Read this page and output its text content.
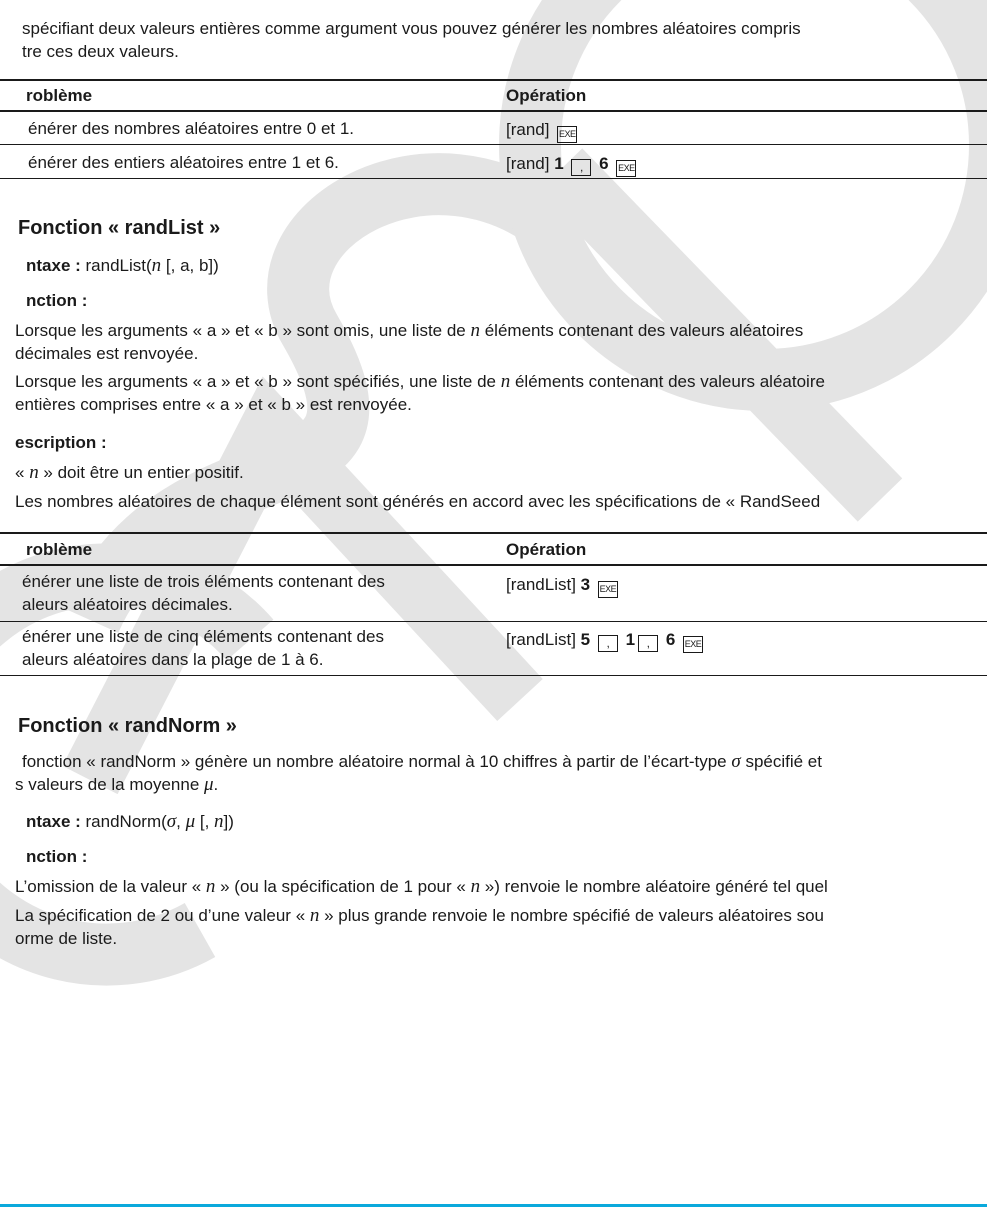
spécifiant deux valeurs entières comme argument vous pouvez générer les nombres aléatoires compris
tre ces deux valeurs.
roblème	Opération
énérer des nombres aléatoires entre 0 et 1.	[rand] EXE
énérer des entiers aléatoires entre 1 et 6.	[rand] 1 , 6 EXE
Fonction « randList »
ntaxe : randList(n [, a, b])
nction :
Lorsque les arguments « a » et « b » sont omis, une liste de n éléments contenant des valeurs aléatoires
décimales est renvoyée.
Lorsque les arguments « a » et « b » sont spécifiés, une liste de n éléments contenant des valeurs aléatoire
entières comprises entre « a » et « b » est renvoyée.
escription :
« n » doit être un entier positif.
Les nombres aléatoires de chaque élément sont générés en accord avec les spécifications de « RandSeed
roblème	Opération
énérer une liste de trois éléments contenant des
aleurs aléatoires décimales.
[randList] 3 EXE
énérer une liste de cinq éléments contenant des
aleurs aléatoires dans la plage de 1 à 6.
[randList] 5 , 1 , 6 EXE
Fonction « randNorm »
fonction « randNorm » génère un nombre aléatoire normal à 10 chiffres à partir de l’écart-type σ spécifié et
s valeurs de la moyenne μ.
ntaxe : randNorm(σ, μ [, n])
nction :
L’omission de la valeur « n » (ou la spécification de 1 pour « n ») renvoie le nombre aléatoire généré tel quel
La spécification de 2 ou d’une valeur « n » plus grande renvoie le nombre spécifié de valeurs aléatoires sou
orme de liste.
